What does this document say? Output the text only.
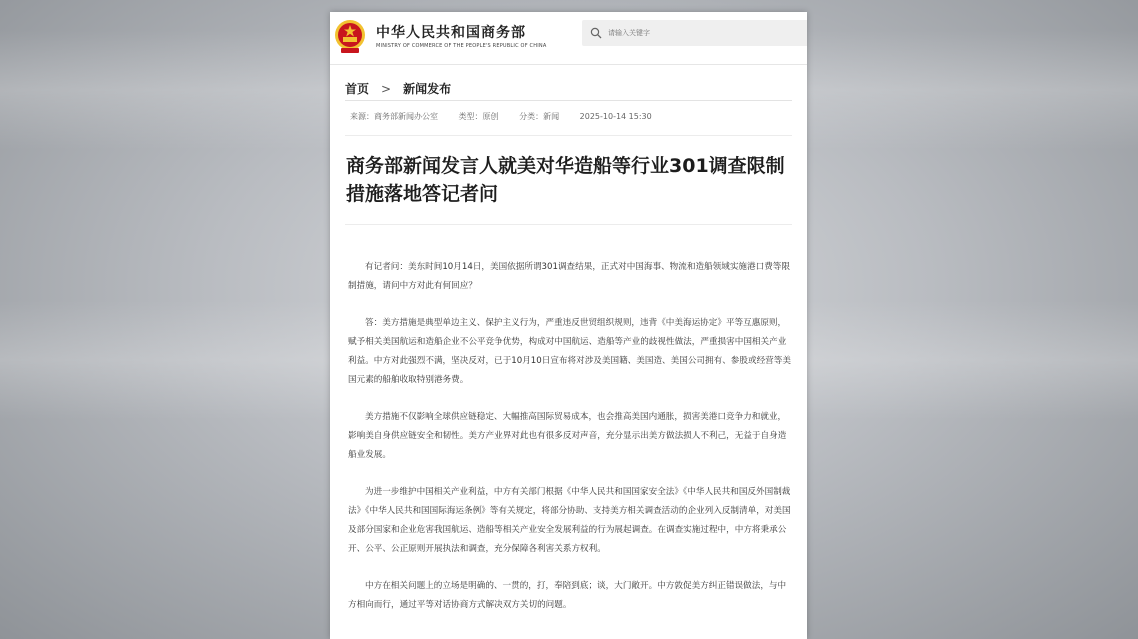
中华人民共和国商务部
MINISTRY OF COMMERCE OF THE PEOPLE'S REPUBLIC OF CHINA
请输入关键字
首页 > 新闻发布
来源：商务部新闻办公室	类型：原创	分类：新闻	2025-10-14 15:30
商务部新闻发言人就美对华造船等行业301调查限制措施落地答记者问

有记者问：美东时间10月14日，美国依据所谓301调查结果，正式对中国海事、物流和造船领域实施港口费等限制措施，请问中方对此有何回应？

答：美方措施是典型单边主义、保护主义行为，严重违反世贸组织规则，违背《中美海运协定》平等互惠原则，赋予相关美国航运和造船企业不公平竞争优势，构成对中国航运、造船等产业的歧视性做法，严重损害中国相关产业利益。中方对此强烈不满，坚决反对，已于10月10日宣布将对涉及美国籍、美国造、美国公司拥有、参股或经营等美国元素的船舶收取特别港务费。

美方措施不仅影响全球供应链稳定、大幅推高国际贸易成本，也会推高美国内通胀，损害美港口竞争力和就业，影响美自身供应链安全和韧性。美方产业界对此也有很多反对声音，充分显示出美方做法损人不利己，无益于自身造船业发展。

为进一步维护中国相关产业利益，中方有关部门根据《中华人民共和国国家安全法》《中华人民共和国反外国制裁法》《中华人民共和国国际海运条例》等有关规定，将部分协助、支持美方相关调查活动的企业列入反制清单，对美国及部分国家和企业危害我国航运、造船等相关产业安全发展利益的行为展起调查。在调查实施过程中，中方将秉承公开、公平、公正原则开展执法和调查，充分保障各利害关系方权利。

中方在相关问题上的立场是明确的、一贯的，打，奉陪到底；谈，大门敞开。中方敦促美方纠正错误做法，与中方相向而行，通过平等对话协商方式解决双方关切的问题。
